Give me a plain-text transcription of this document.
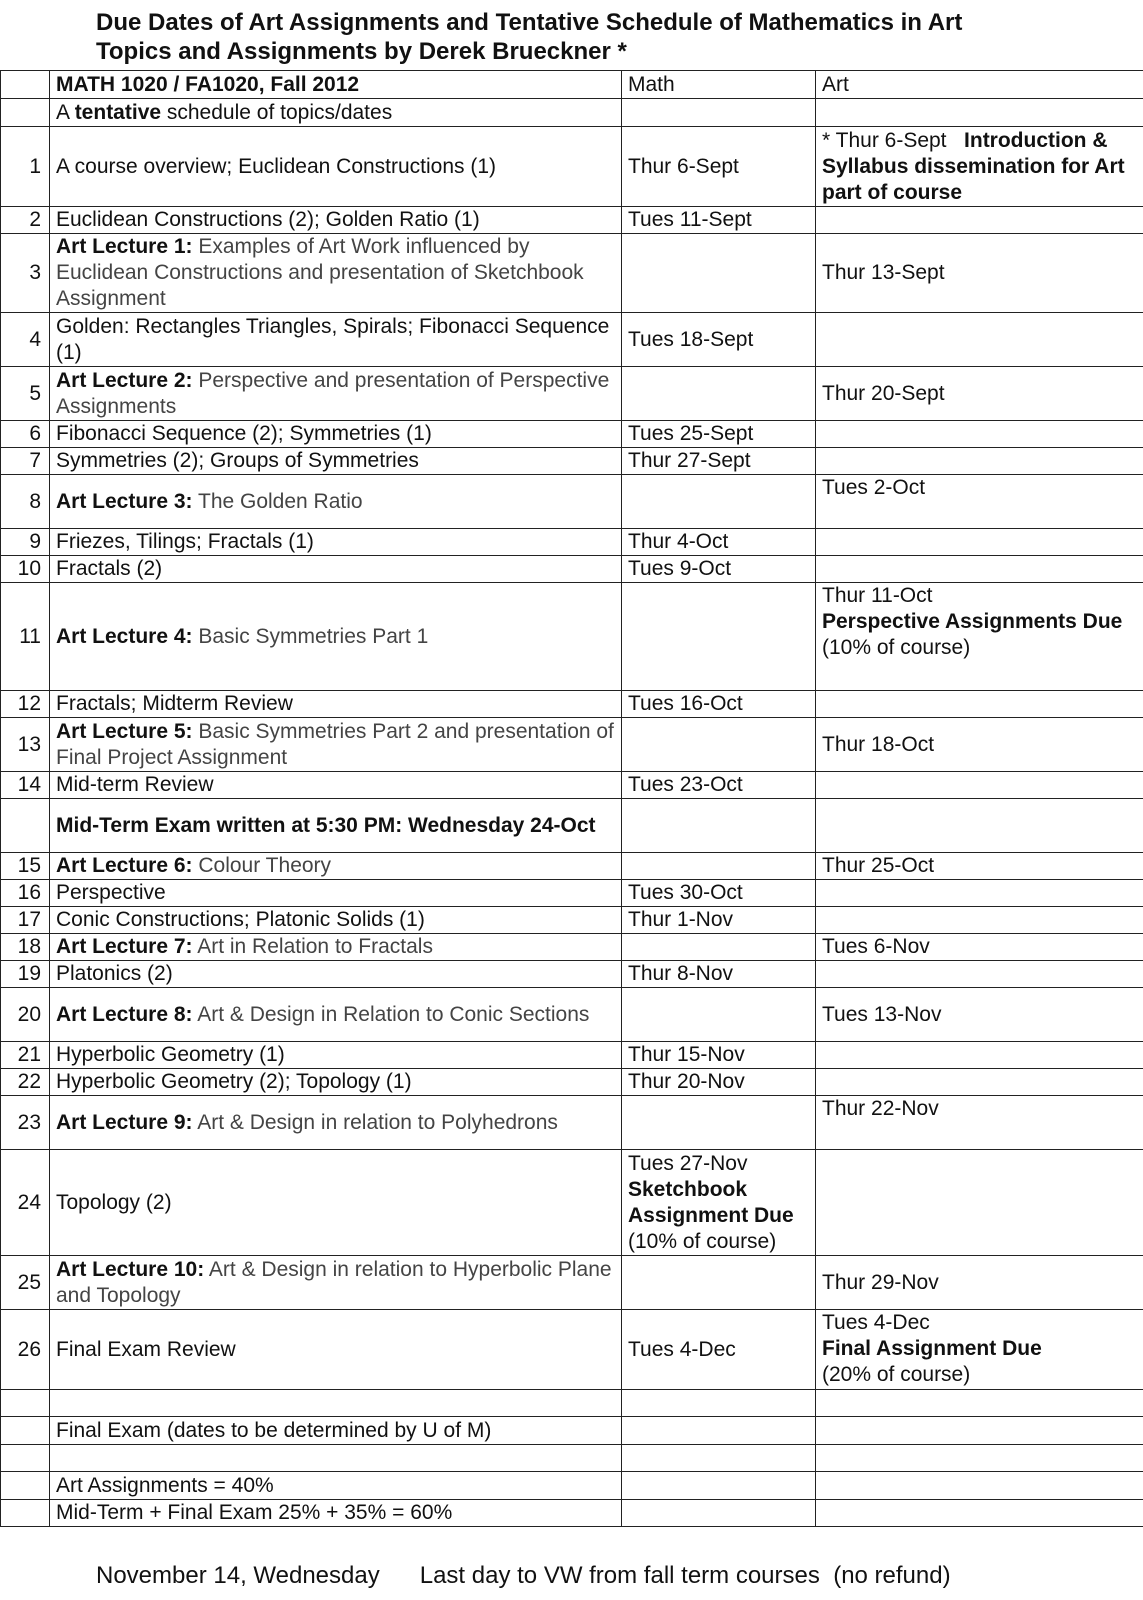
Due Dates of Art Assignments and Tentative Schedule of Mathematics in Art
Topics and Assignments by Derek Brueckner *
	MATH 1020 / FA1020, Fall 2012	Math	Art
	A tentative schedule of topics/dates		
1	A course overview; Euclidean Constructions (1)	Thur 6-Sept	* Thur 6-Sept Introduction & Syllabus dissemination for Art part of course

2	Euclidean Constructions (2); Golden Ratio (1)	Tues 11-Sept	

3	Art Lecture 1: Examples of Art Work influenced by Euclidean Constructions and presentation of Sketchbook Assignment		Thur 13-Sept

4	Golden: Rectangles Triangles, Spirals; Fibonacci Sequence (1)	Tues 18-Sept	

5	Art Lecture 2: Perspective and presentation of Perspective Assignments		Thur 20-Sept

6	Fibonacci Sequence (2); Symmetries (1)	Tues 25-Sept	

7	Symmetries (2); Groups of Symmetries	Thur 27-Sept	

8	Art Lecture 3: The Golden Ratio		Tues 2-Oct

9	Friezes, Tilings; Fractals (1)	Thur 4-Oct	

10	Fractals (2)	Tues 9-Oct	

11	Art Lecture 4: Basic Symmetries Part 1		Thur 11-Oct
Perspective Assignments Due
(10% of course)

12	Fractals; Midterm Review	Tues 16-Oct	

13	Art Lecture 5: Basic Symmetries Part 2 and presentation of Final Project Assignment		Thur 18-Oct

14	Mid-term Review	Tues 23-Oct	

	Mid-Term Exam written at 5:30 PM: Wednesday 24-Oct		
15	Art Lecture 6: Colour Theory		Thur 25-Oct

16	Perspective	Tues 30-Oct	

17	Conic Constructions; Platonic Solids (1)	Thur 1-Nov	

18	Art Lecture 7: Art in Relation to Fractals		Tues 6-Nov

19	Platonics (2)	Thur 8-Nov	

20	Art Lecture 8: Art & Design in Relation to Conic Sections		Tues 13-Nov

21	Hyperbolic Geometry (1)	Thur 15-Nov	

22	Hyperbolic Geometry (2); Topology (1)	Thur 20-Nov	

23	Art Lecture 9: Art & Design in relation to Polyhedrons		Thur 22-Nov

24	Topology (2)	Tues 27-Nov
Sketchbook Assignment Due
(10% of course)	

25	Art Lecture 10: Art & Design in relation to Hyperbolic Plane and Topology		Thur 29-Nov

26	Final Exam Review	Tues 4-Dec	Tues 4-Dec
Final Assignment Due
(20% of course)

	Final Exam (dates to be determined by U of M)		

	Art Assignments = 40%		
	Mid-Term + Final Exam 25% + 35% = 60%		
November 14, Wednesday Last day to VW from fall term courses  (no refund)
